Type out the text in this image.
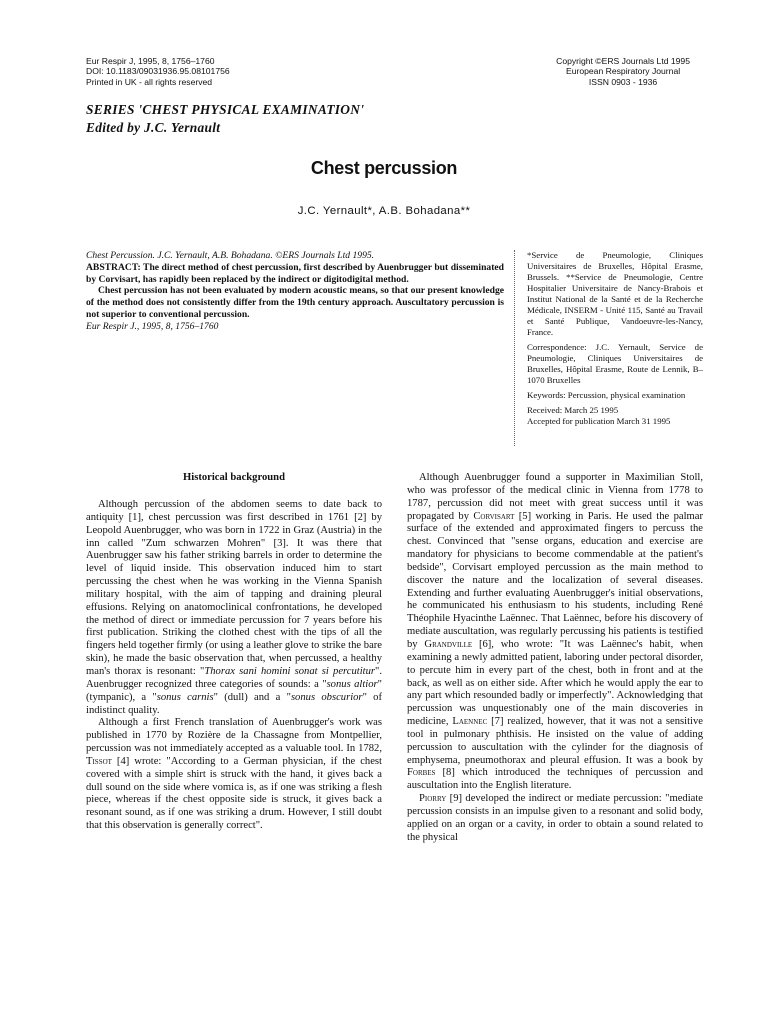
Eur Respir J, 1995, 8, 1756–1760
DOI: 10.1183/09031936.95.08101756
Printed in UK - all rights reserved
Copyright ©ERS Journals Ltd 1995
European Respiratory Journal
ISSN 0903 - 1936
SERIES 'CHEST PHYSICAL EXAMINATION'
Edited by J.C. Yernault
Chest percussion
J.C. Yernault*, A.B. Bohadana**

Chest Percussion. J.C. Yernault, A.B. Bohadana. ©ERS Journals Ltd 1995.

ABSTRACT: The direct method of chest percussion, first described by Auenbrugger but disseminated by Corvisart, has rapidly been replaced by the indirect or digitodigital method.

Chest percussion has not been evaluated by modern acoustic means, so that our present knowledge of the method does not consistently differ from the 19th century approach. Auscultatory percussion is not superior to conventional percussion.

Eur Respir J., 1995, 8, 1756–1760

*Service de Pneumologie, Cliniques Universitaires de Bruxelles, Hôpital Erasme, Brussels. **Service de Pneumologie, Centre Hospitalier Universitaire de Nancy-Brabois et Institut National de la Santé et de la Recherche Médicale, INSERM - Unité 115, Santé au Travail et Santé Publique, Vandoeuvre-les-Nancy, France.

Correspondence: J.C. Yernault, Service de Pneumologie, Cliniques Universitaires de Bruxelles, Hôpital Erasme, Route de Lennik, B–1070 Bruxelles

Keywords: Percussion, physical examination

Received: March 25 1995

Accepted for publication March 31 1995

Historical background

Although percussion of the abdomen seems to date back to antiquity [1], chest percussion was first described in 1761 [2] by Leopold Auenbrugger, who was born in 1722 in Graz (Austria) in the inn called "Zum schwarzen Mohren" [3]. It was there that Auenbrugger saw his father striking barrels in order to determine the level of liquid inside. This observation induced him to start percussing the chest when he was working in the Vienna Spanish military hospital, with the aim of tapping and draining pleural effusions. Relying on anatomoclinical confrontations, he developed the method of direct or immediate percussion for 7 years before his first publication. Striking the clothed chest with the tips of all the fingers held together firmly (or using a leather glove to strike the bare skin), he made the basic observation that, when percussed, a healthy man's thorax is resonant: "Thorax sani homini sonat si percutitur". Auenbrugger recognized three categories of sounds: a "sonus altior" (tympanic), a "sonus carnis" (dull) and a "sonus obscurior" of indistinct quality.

Although a first French translation of Auenbrugger's work was published in 1770 by Rozière de la Chassagne from Montpellier, percussion was not immediately accepted as a valuable tool. In 1782, Tissot [4] wrote: "According to a German physician, if the chest covered with a simple shirt is struck with the hand, it gives back a dull sound on the side where vomica is, as if one was striking a flesh piece, whereas if the chest opposite side is struck, it gives back a resonant sound, as if one was striking a drum. However, I still doubt that this observation is generally correct".

Although Auenbrugger found a supporter in Maximilian Stoll, who was professor of the medical clinic in Vienna from 1778 to 1787, percussion did not meet with great success until it was propagated by Corvisart [5] working in Paris. He used the palmar surface of the extended and approximated fingers to percuss the chest. Convinced that "sense organs, education and exercise are mandatory for physicians to become commendable at the patient's bedside", Corvisart employed percussion as the main method to discover the nature and the localization of several diseases. Extending and further evaluating Auenbrugger's initial observations, he communicated his enthusiasm to his students, including René Théophile Hyacinthe Laënnec. That Laënnec, before his discovery of mediate auscultation, was regularly percussing his patients is testified by Grandville [6], who wrote: "It was Laënnec's habit, when examining a newly admitted patient, laboring under pectoral disorder, to percute him in every part of the chest, both in front and at the back, as well as on either side. After which he would apply the ear to any part which resounded badly or imperfectly". Acknowledging that percussion was unquestionably one of the main discoveries in medicine, Laennec [7] realized, however, that it was not a sensitive tool in pulmonary phthisis. He insisted on the value of adding percussion to auscultation with the cylinder for the diagnosis of emphysema, pneumothorax and pleural effusion. It was a book by Forbes [8] which introduced the techniques of percussion and auscultation into the English literature.

Piorry [9] developed the indirect or mediate percussion: "mediate percussion consists in an impulse given to a resonant and solid body, applied on an organ or a cavity, in order to obtain a sound related to the physical
